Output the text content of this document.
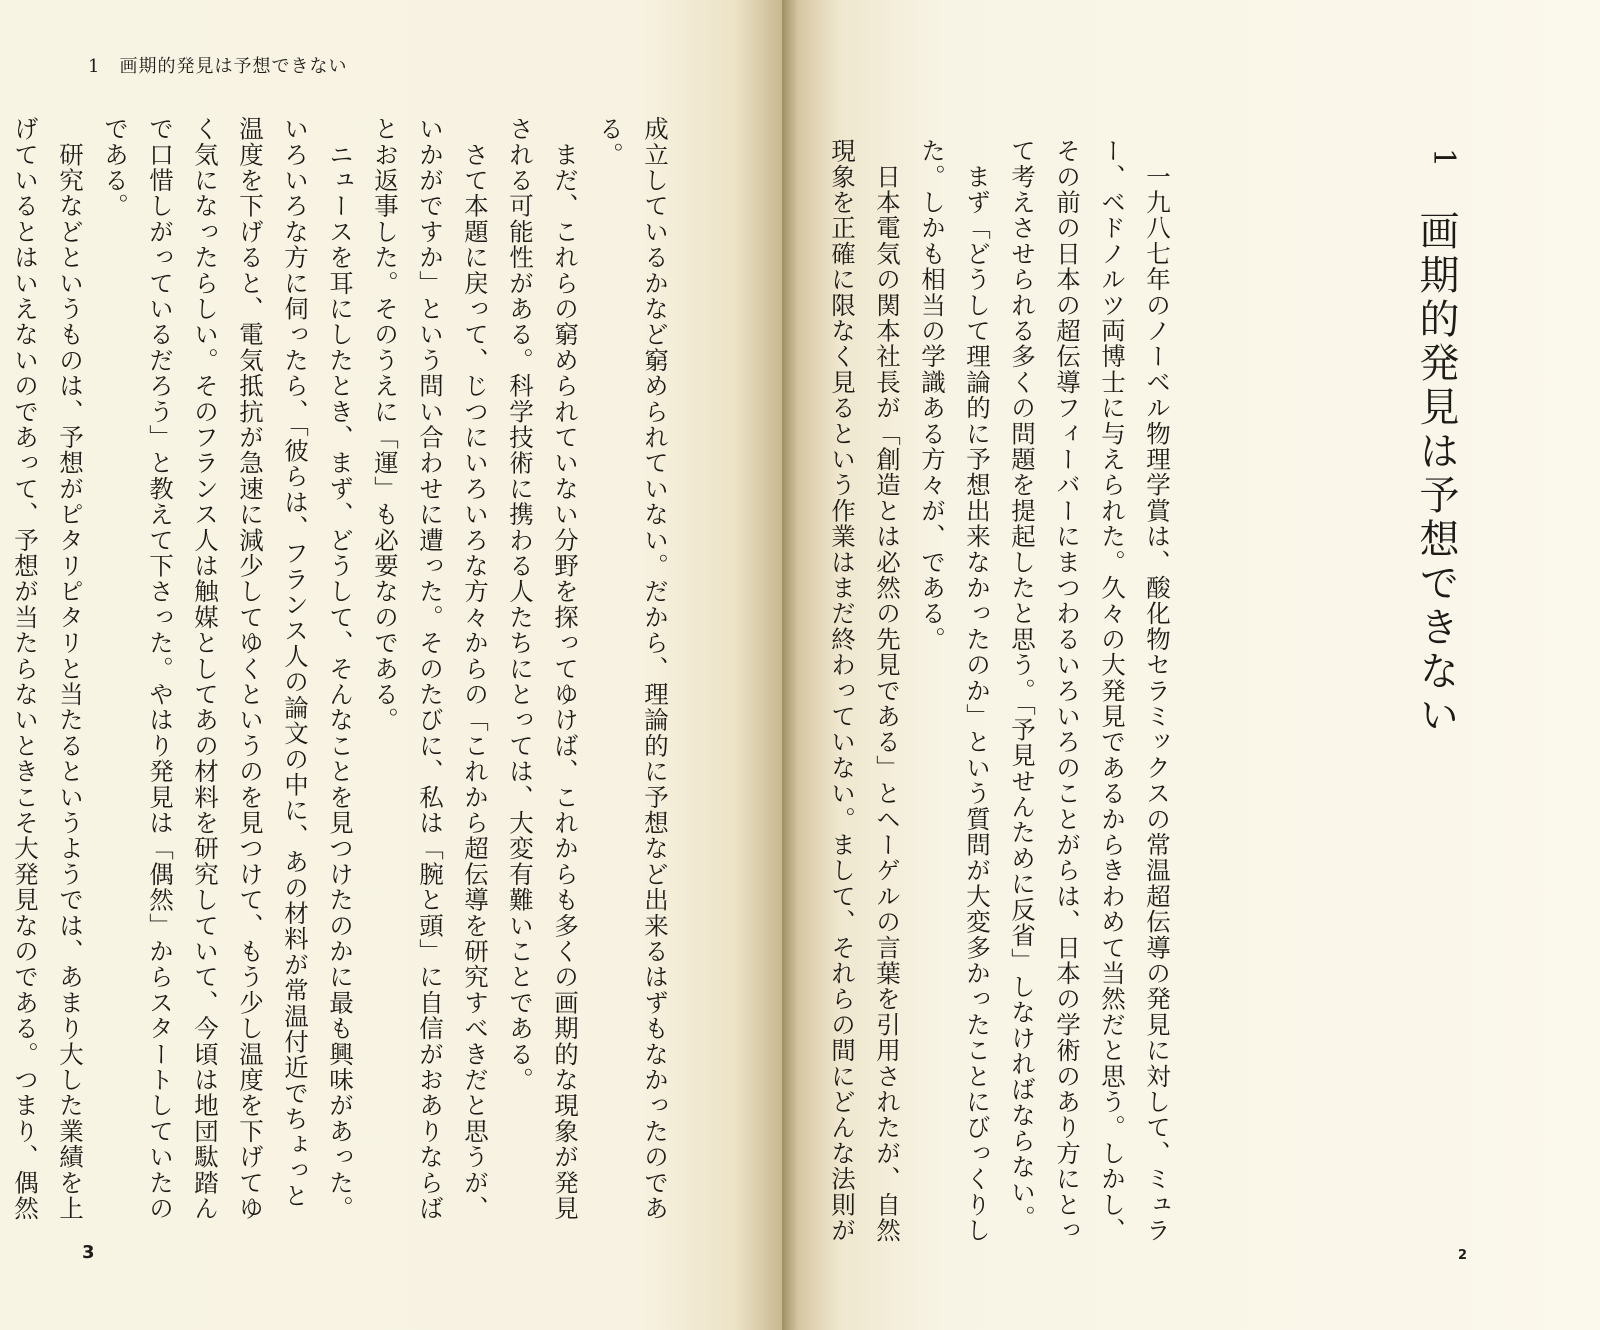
1　画期的発見は予想できない

成立しているかなど窮められていない。だから、理論的に予想など出来るはずもなかったのであ

る。

　まだ、これらの窮められていない分野を探ってゆけば、これからも多くの画期的な現象が発見

される可能性がある。科学技術に携わる人たちにとっては、大変有難いことである。

　さて本題に戻って、じつにいろいろな方々からの「これから超伝導を研究すべきだと思うが、

いかがですか」という問い合わせに遭った。そのたびに、私は「腕と頭」に自信がおありならば

とお返事した。そのうえに「運」も必要なのである。

　ニュースを耳にしたとき、まず、どうして、そんなことを見つけたのかに最も興味があった。

いろいろな方に伺ったら、「彼らは、フランス人の論文の中に、あの材料が常温付近でちょっと

温度を下げると、電気抵抗が急速に減少してゆくというのを見つけて、もう少し温度を下げてゆ

く気になったらしい。そのフランス人は触媒としてあの材料を研究していて、今頃は地団駄踏ん

で口惜しがっているだろう」と教えて下さった。やはり発見は「偶然」からスタートしていたの

である。

　研究などというものは、予想がピタリピタリと当たるというようでは、あまり大した業績を上

げているとはいえないのであって、予想が当たらないときこそ大発見なのである。つまり、偶然

3

　一九八七年のノーベル物理学賞は、酸化物セラミックスの常温超伝導の発見に対して、ミュラ

ー、ベドノルツ両博士に与えられた。久々の大発見であるからきわめて当然だと思う。しかし、

その前の日本の超伝導フィーバーにまつわるいろいろのことがらは、日本の学術のあり方にとっ

て考えさせられる多くの問題を提起したと思う。「予見せんために反省」しなければならない。

　まず「どうして理論的に予想出来なかったのか」という質問が大変多かったことにびっくりし

た。しかも相当の学識ある方々が、である。

　日本電気の関本社長が「創造とは必然の先見である」とヘーゲルの言葉を引用されたが、自然

現象を正確に限なく見るという作業はまだ終わっていない。まして、それらの間にどんな法則が	1
画期的発見は予想できない
2
